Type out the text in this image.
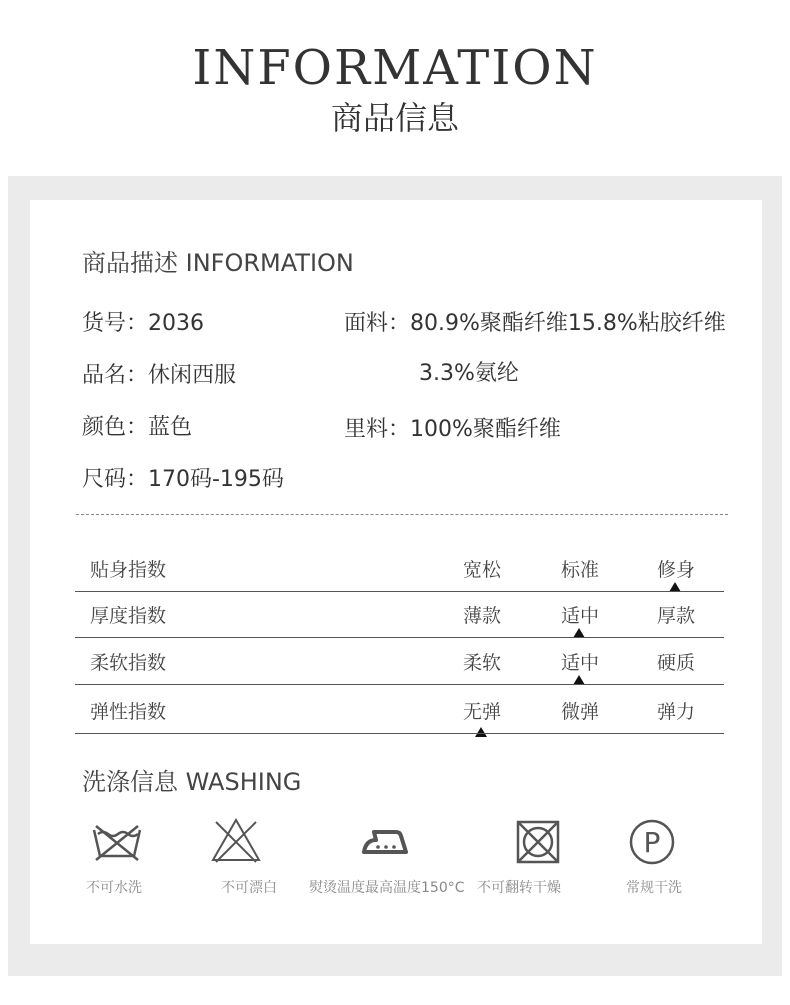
INFORMATION
商品信息
商品描述 INFORMATION
货号：2036
品名：休闲西服
颜色：蓝色
尺码：170码-195码
面料：80.9%聚酯纤维15.8%粘胶纤维
3.3%氨纶
里料：100%聚酯纤维
贴身指数	宽松	标准	修身
厚度指数	薄款	适中	厚款
柔软指数	柔软	适中	硬质
弹性指数	无弹	微弹	弹力
洗涤信息 WASHING
P
不可水洗	不可漂白 熨烫温度最高温度150°C 不可翻转干燥	常规干洗
